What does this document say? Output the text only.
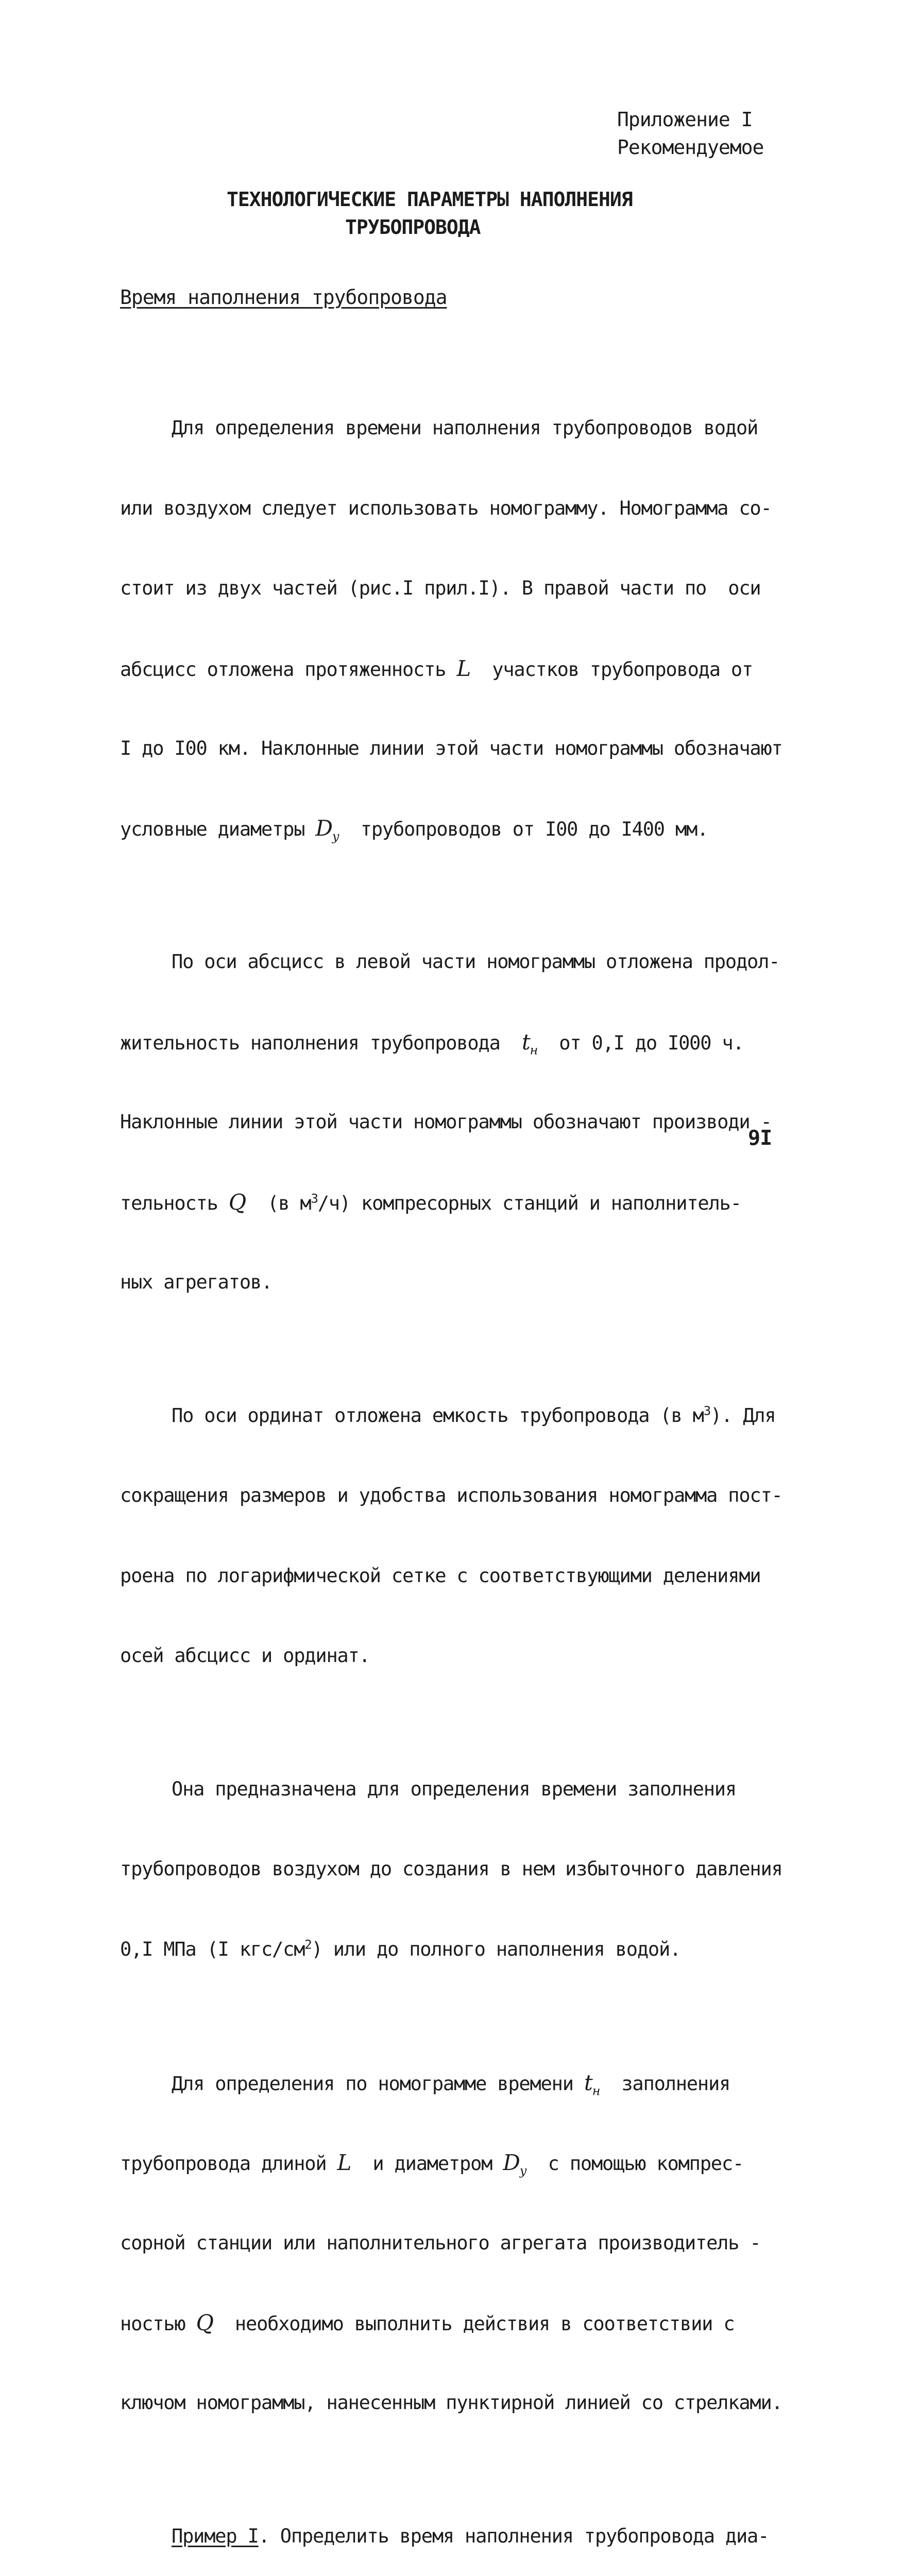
Приложение I
Рекомендуемое
ТЕХНОЛОГИЧЕСКИЕ ПАРАМЕТРЫ НАПОЛНЕНИЯ
ТРУБОПРОВОДА
Время наполнения трубопровода

Для определения времени наполнения трубопроводов водой

или воздухом следует использовать номограмму. Номограмма со-

стоит из двух частей (рис.I прил.I). В правой части по  оси

абсцисс отложена протяженность L  участков трубопровода от

I до I00 км. Наклонные линии этой части номограммы обозначают

условные диаметры $D_у$  трубопроводов от I00 до I400 мм.

По оси абсцисс в левой части номограммы отложена продол-

жительность наполнения трубопровода  $t_н$  от 0,I до I000 ч.

Наклонные линии этой части номограммы обозначают производи -

тельность Q  (в $м^3/ч$) компресорных станций и наполнитель-

ных агрегатов.

По оси ординат отложена емкость трубопровода (в $м^3$). Для

сокращения размеров и удобства использования номограмма пост-

роена по логарифмической сетке с соответствующими делениями

осей абсцисс и ординат.

Она предназначена для определения времени заполнения

трубопроводов воздухом до создания в нем избыточного давления

0,I МПа (I кгс/$см^2$) или до полного наполнения водой.

Для определения по номограмме времени $t_н$  заполнения

трубопровода длиной L  и диаметром $D_у$  с помощью компрес-

сорной станции или наполнительного агрегата производитель -

ностью Q  необходимо выполнить действия в соответствии с

ключом номограммы, нанесенным пунктирной линией со стрелками.

Пример I. Определить время наполнения трубопровода диа-

9I
